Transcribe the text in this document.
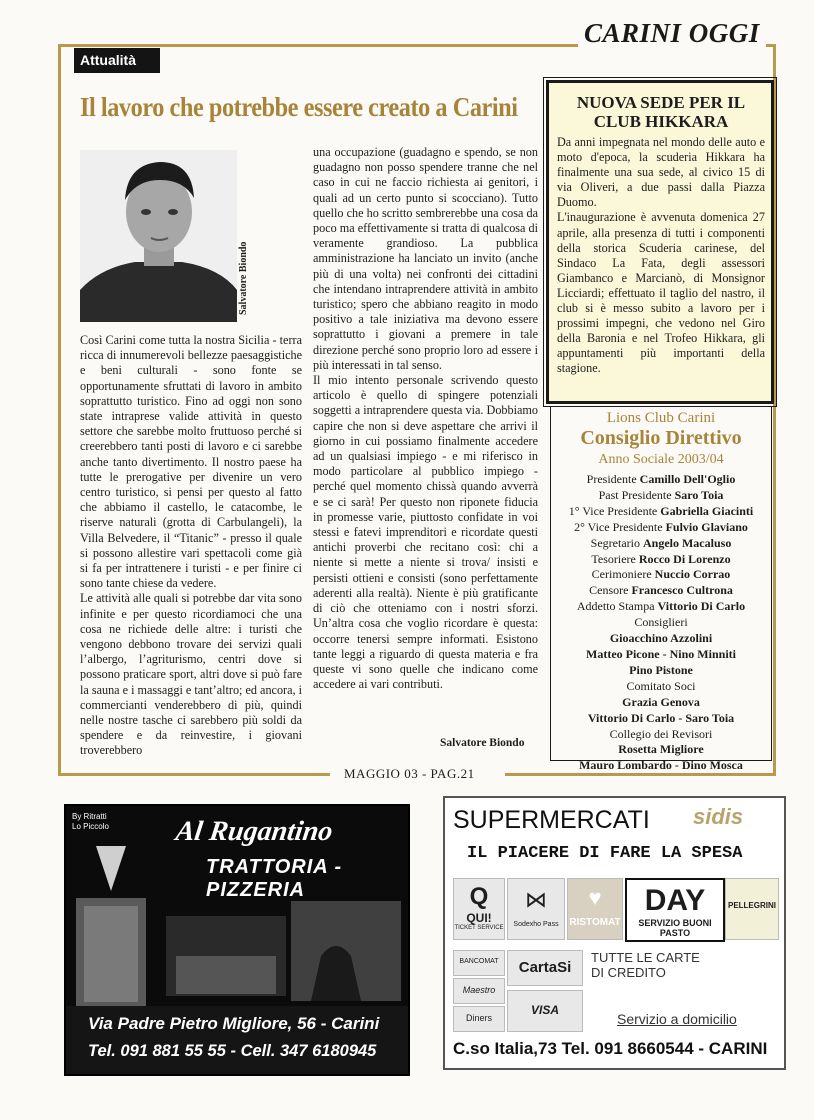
CARINI OGGI
Attualità
Il lavoro che potrebbe essere creato a Carini
Salvatore Biondo

Così Carini come tutta la nostra Sicilia - terra ricca di innumerevoli bellezze paesaggistiche e beni culturali - sono fonte se opportunamente sfruttati di lavoro in ambito soprattutto turistico. Fino ad oggi non sono state intraprese valide attività in questo settore che sarebbe molto fruttuoso perché si creerebbero tanti posti di lavoro e ci sarebbe anche tanto divertimento. Il nostro paese ha tutte le prerogative per divenire un vero centro turistico, si pensi per questo al fatto che abbiamo il castello, le catacombe, le riserve naturali (grotta di Carbulangeli), la Villa Belvedere, il “Titanic” - presso il quale si possono allestire vari spettacoli come già si fa per intrattenere i turisti - e per finire ci sono tante chiese da vedere.

Le attività alle quali si potrebbe dar vita sono infinite e per questo ricordiamoci che una cosa ne richiede delle altre: i turisti che vengono debbono trovare dei servizi quali l’albergo, l’agriturismo, centri dove si possono praticare sport, altri dove si può fare la sauna e i massaggi e tant’altro; ed ancora, i commercianti venderebbero di più, quindi nelle nostre tasche ci sarebbero più soldi da spendere e da reinvestire, i giovani troverebbero

una occupazione (guadagno e spendo, se non guadagno non posso spendere tranne che nel caso in cui ne faccio richiesta ai genitori, i quali ad un certo punto si scocciano). Tutto quello che ho scritto sembrerebbe una cosa da poco ma effettivamente si tratta di qualcosa di veramente grandioso. La pubblica amministrazione ha lanciato un invito (anche più di una volta) nei confronti dei cittadini che intendano intraprendere attività in ambito turistico; spero che abbiano reagito in modo positivo a tale iniziativa ma devono essere soprattutto i giovani a premere in tale direzione perché sono proprio loro ad essere i più interessati in tal senso.

Il mio intento personale scrivendo questo articolo è quello di spingere potenziali soggetti a intraprendere questa via. Dobbiamo capire che non si deve aspettare che arrivi il giorno in cui possiamo finalmente accedere ad un qualsiasi impiego - e mi riferisco in modo particolare al pubblico impiego - perché quel momento chissà quando avverrà e se ci sarà! Per questo non riponete fiducia in promesse varie, piuttosto confidate in voi stessi e fatevi imprenditori e ricordate questi antichi proverbi che recitano così: chi a niente si mette a niente si trova/ insisti e persisti ottieni e consisti (sono perfettamente aderenti alla realtà). Niente è più gratificante di ciò che otteniamo con i nostri sforzi. Un’altra cosa che voglio ricordare è questa: occorre tenersi sempre informati. Esistono tante leggi a riguardo di questa materia e fra queste vi sono quelle che indicano come accedere ai vari contributi.

Salvatore Biondo
NUOVA SEDE PER IL CLUB HIKKARA

Da anni impegnata nel mondo delle auto e moto d'epoca, la scuderia Hikkara ha finalmente una sua sede, al civico 15 di via Oliveri, a due passi dalla Piazza Duomo.

L'inaugurazione è avvenuta domenica 27 aprile, alla presenza di tutti i componenti della storica Scuderia carinese, del Sindaco La Fata, degli assessori Giambanco e Marcianò, di Monsignor Licciardi; effettuato il taglio del nastro, il club si è messo subito a lavoro per i prossimi impegni, che vedono nel Giro della Baronia e nel Trofeo Hikkara, gli appuntamenti più importanti della stagione.

Lions Club Carini
Consiglio Direttivo
Anno Sociale 2003/04
Presidente Camillo Dell'Oglio
Past Presidente Saro Toia
1° Vice Presidente Gabriella Giacinti
2° Vice Presidente Fulvio Glaviano
Segretario Angelo Macaluso
Tesoriere Rocco Di Lorenzo
Cerimoniere Nuccio Corrao
Censore Francesco Cultrona
Addetto Stampa Vittorio Di Carlo
Consiglieri
Gioacchino Azzolini
Matteo Picone - Nino Minniti
Pino Pistone
Comitato Soci
Grazia Genova
Vittorio Di Carlo - Saro Toia
Collegio dei Revisori
Rosetta Migliore
Mauro Lombardo - Dino Mosca
MAGGIO 03 - PAG.21
By Ritratti
Lo Piccolo Al Rugantino
TRATTORIA - PIZZERIA
Via Padre Pietro Migliore, 56 - Carini
Tel. 091 881 55 55 - Cell. 347 6180945
SUPERMERCATI sidis
IL PIACERE DI FARE LA SPESA
Q
QUI!
TICKET SERVICE
⋈
Sodexho Pass
♥
RISTOMAT
DAY
SERVIZIO BUONI PASTO
PELLEGRINI
BANCOMAT
Maestro
Diners
CartaSi
VISA
TUTTE LE CARTE
DI CREDITO
Servizio a domicilio
C.so Italia,73 Tel. 091 8660544 - CARINI
